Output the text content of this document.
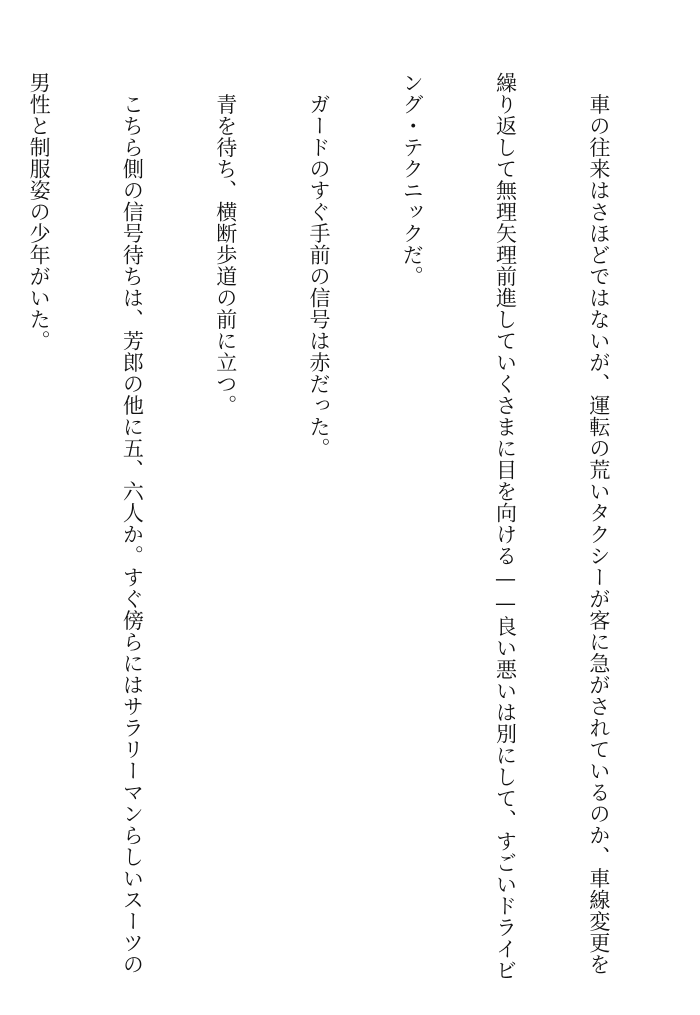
　車の往来はさほどではないが、運転の荒いタクシーが客に急がされているのか、車線変更を

繰り返して無理矢理前進していくさまに目を向ける——良い悪いは別にして、すごいドライビ

ング・テクニックだ。

　ガードのすぐ手前の信号は赤だった。

　青を待ち、横断歩道の前に立つ。

　こちら側の信号待ちは、芳郎の他に五、六人か。すぐ傍らにはサラリーマンらしいスーツの

男性と制服姿の少年がいた。
